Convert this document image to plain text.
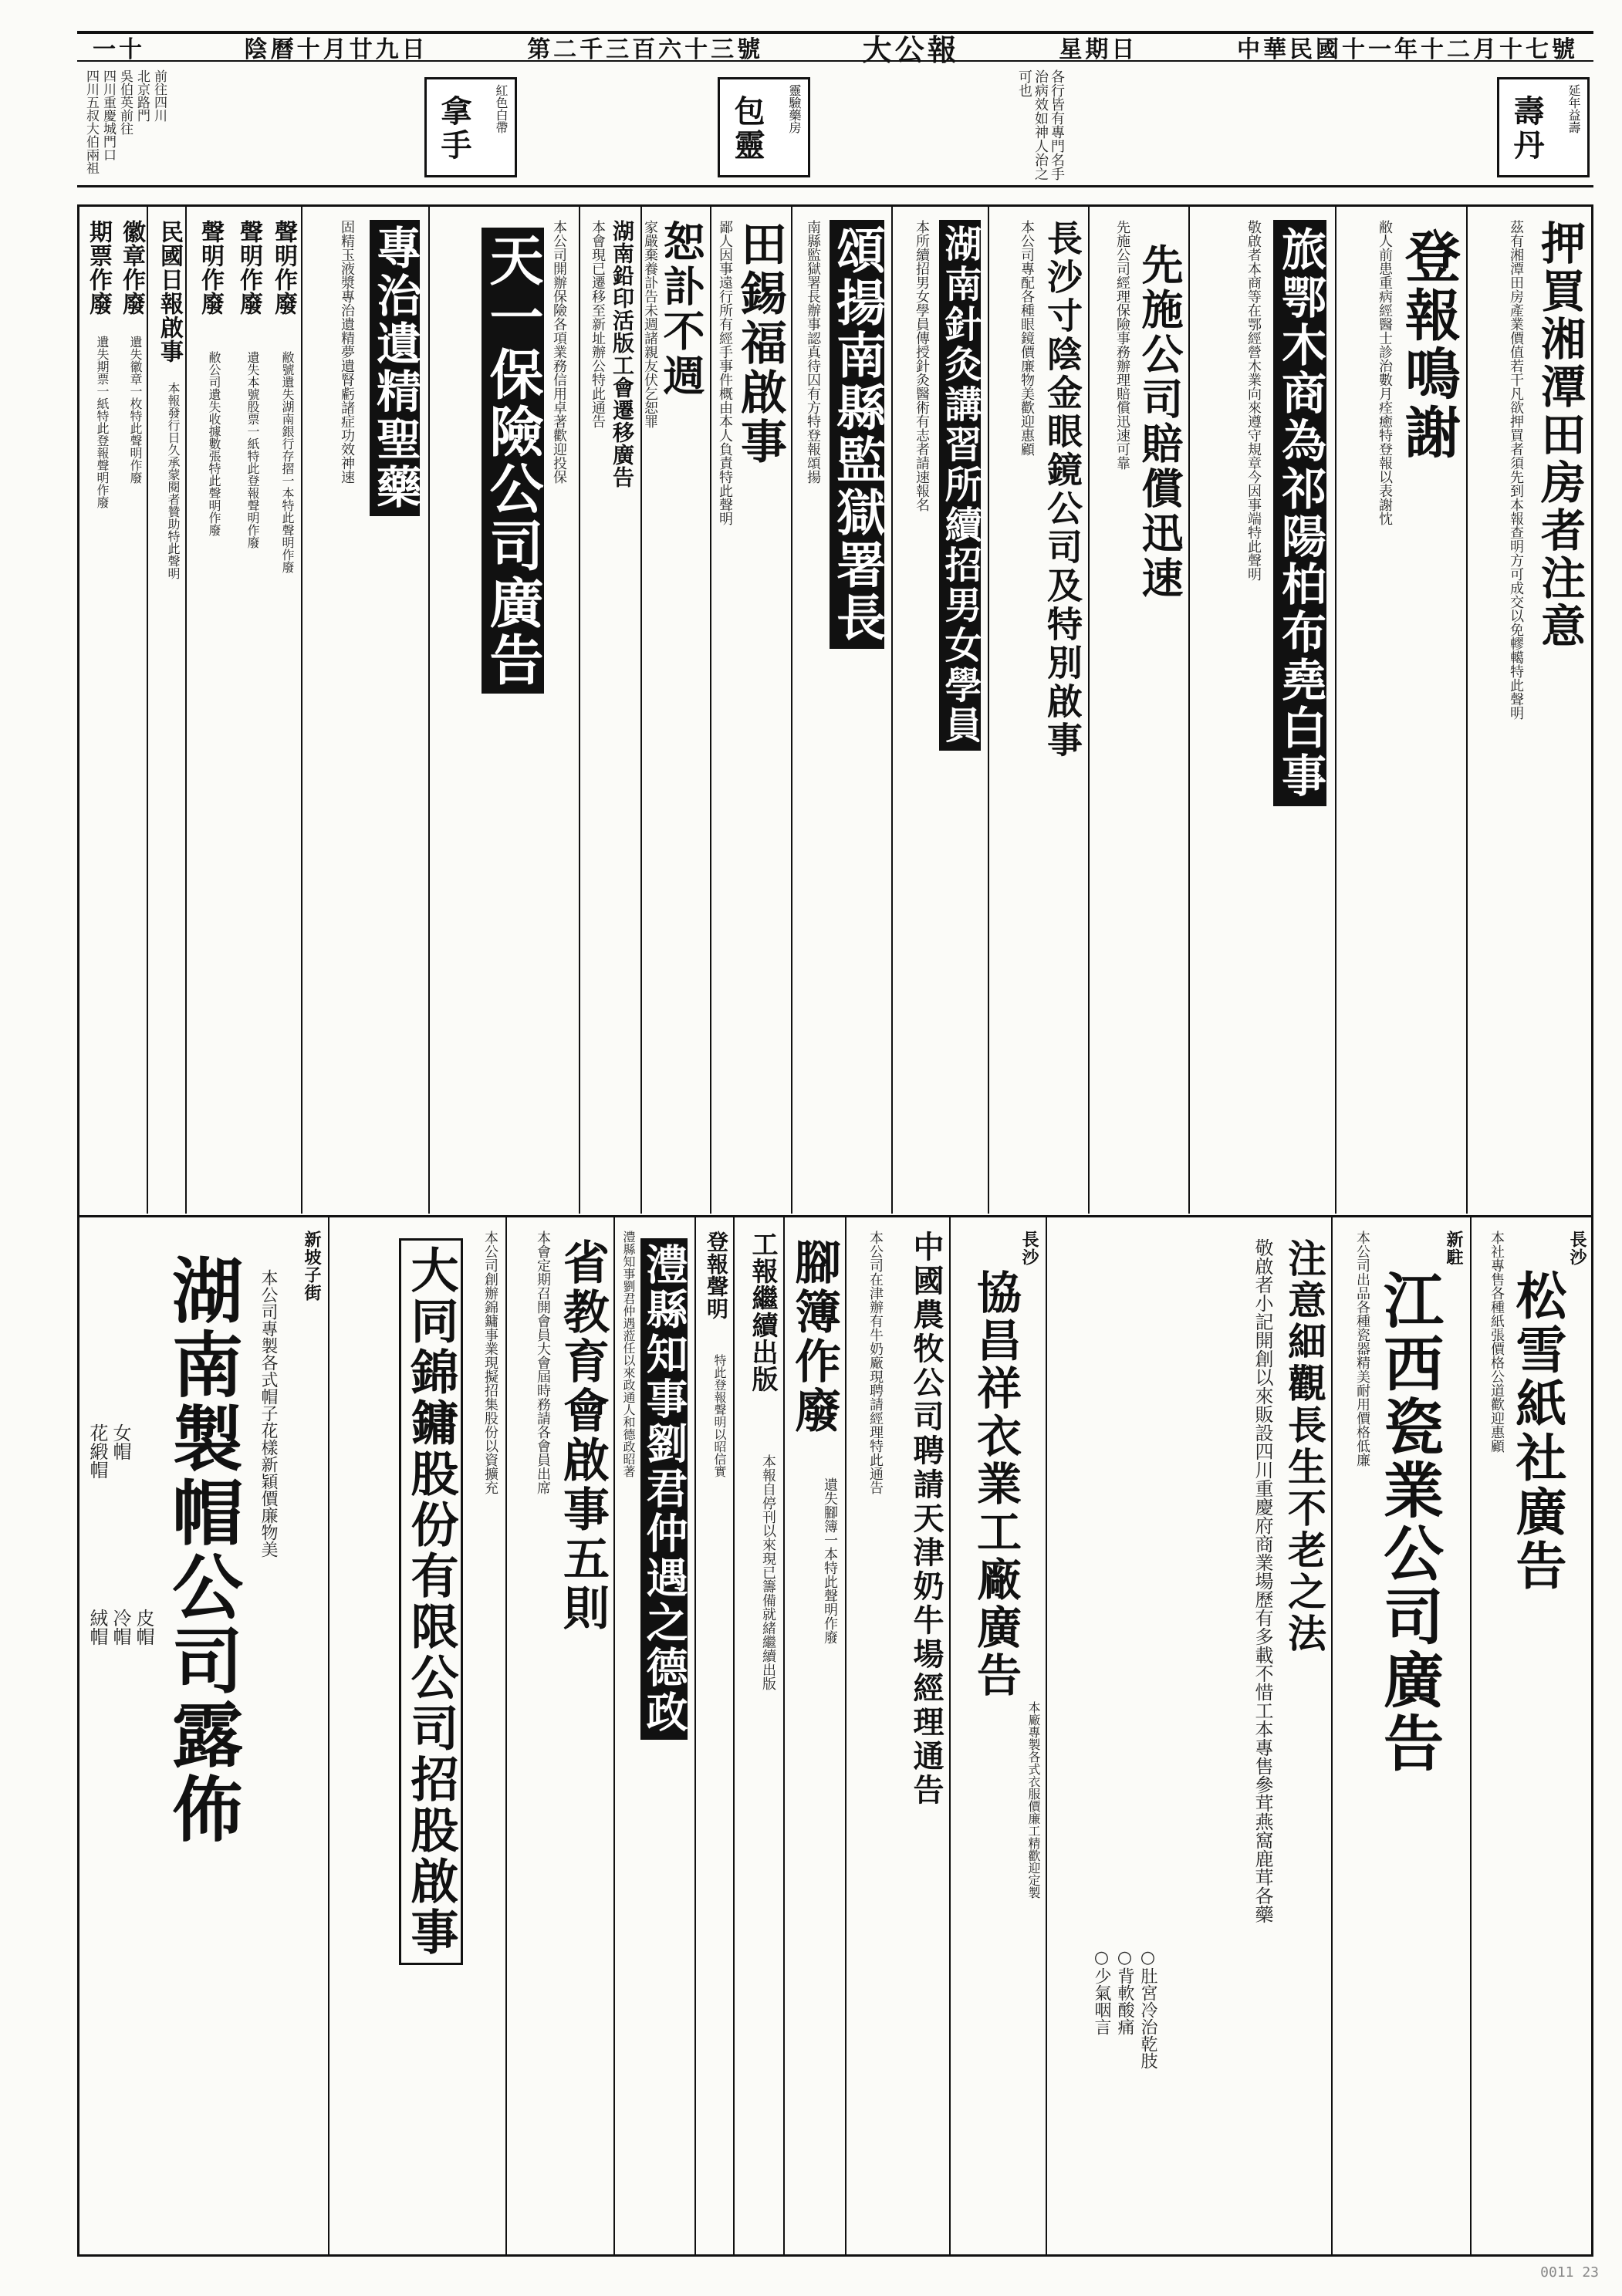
中華民國十一年十二月十七號
星期日
大公報
第二千三百六十三號
陰曆十月廿九日
一十
四川五叔大伯兩祖 四川重慶城門口 吳伯英前往 北京路門 前往四川	紅色白帶
拿手	靈驗藥房
包靈	各行皆有專門名手治病效如神人治之可也
延年益壽
壽丹
押買湘潭田房者注意
茲有湘潭田房產業價值若干凡欲押買者須先到本報查明方可成交以免轇轕特此聲明
登報鳴謝
敝人前患重病經醫士診治數月痊癒特登報以表謝忱
旅鄂木商為祁陽柏布堯白事
敬啟者本商等在鄂經營木業向來遵守規章今因事端特此聲明
先施公司賠償迅速
先施公司經理保險事務辦理賠償迅速可靠
長沙寸陰金眼鏡公司及特別啟事
本公司專配各種眼鏡價廉物美歡迎惠顧
湖南針灸講習所續招男女學員
本所續招男女學員傳授針灸醫術有志者請速報名
頌揚南縣監獄署長
南縣監獄署長辦事認真待囚有方特登報頌揚
田錫福啟事
鄙人因事遠行所有經手事件概由本人負責特此聲明
恕訃不週
家嚴棄養訃告未週諸親友伏乞恕罪
湖南鉛印活版工會遷移廣告
本會現已遷移至新址辦公特此通告
天一保險公司廣告 本公司開辦保險各項業務信用卓著歡迎投保
專治遺精聖藥
固精玉液漿專治遺精夢遺腎虧諸症功效神速
聲明作廢
敝號遺失湖南銀行存摺一本特此聲明作廢
聲明作廢
遺失本號股票一紙特此登報聲明作廢
聲明作廢
敝公司遺失收據數張特此聲明作廢
民國日報啟事
本報發行日久承蒙閱者贊助特此聲明
徽章作廢
遺失徽章一枚特此聲明作廢
期票作廢
遺失期票一紙特此登報聲明作廢
長沙
松雪紙社廣告
本社專售各種紙張價格公道歡迎惠顧
新駐
江西瓷業公司廣告
本公司出品各種瓷器精美耐用價格低廉
注意細觀長生不老之法
敬啟者小記開創以來販設四川重慶府商業場歷有多載不惜工本專售參茸燕窩鹿茸各藥
○肚宮冷治乾肢
○背軟酸痛
○少氣咽言
長沙
協昌祥衣業工廠廣告
本廠專製各式衣服價廉工精歡迎定製
中國農牧公司聘請天津奶牛場經理通告
本公司在津辦有牛奶廠現聘請經理特此通告
腳簿作廢
遺失腳簿一本特此聲明作廢
工報繼續出版
本報自停刊以來現已籌備就緒繼續出版
登報聲明
特此登報聲明以昭信實
澧縣知事劉君仲遇之德政
澧縣知事劉君仲遇蒞任以來政通人和德政昭著
省教育會啟事五則
本會定期召開會員大會屆時務請各會員出席
大同錦鏞股份有限公司招股啟事 本公司創辦錦鏞事業現擬招集股份以資擴充
新坡子街
湖南製帽公司露佈 本公司專製各式帽子花樣新穎價廉物美
花緞帽 女帽
絨帽 冷帽 皮帽
0011 23
